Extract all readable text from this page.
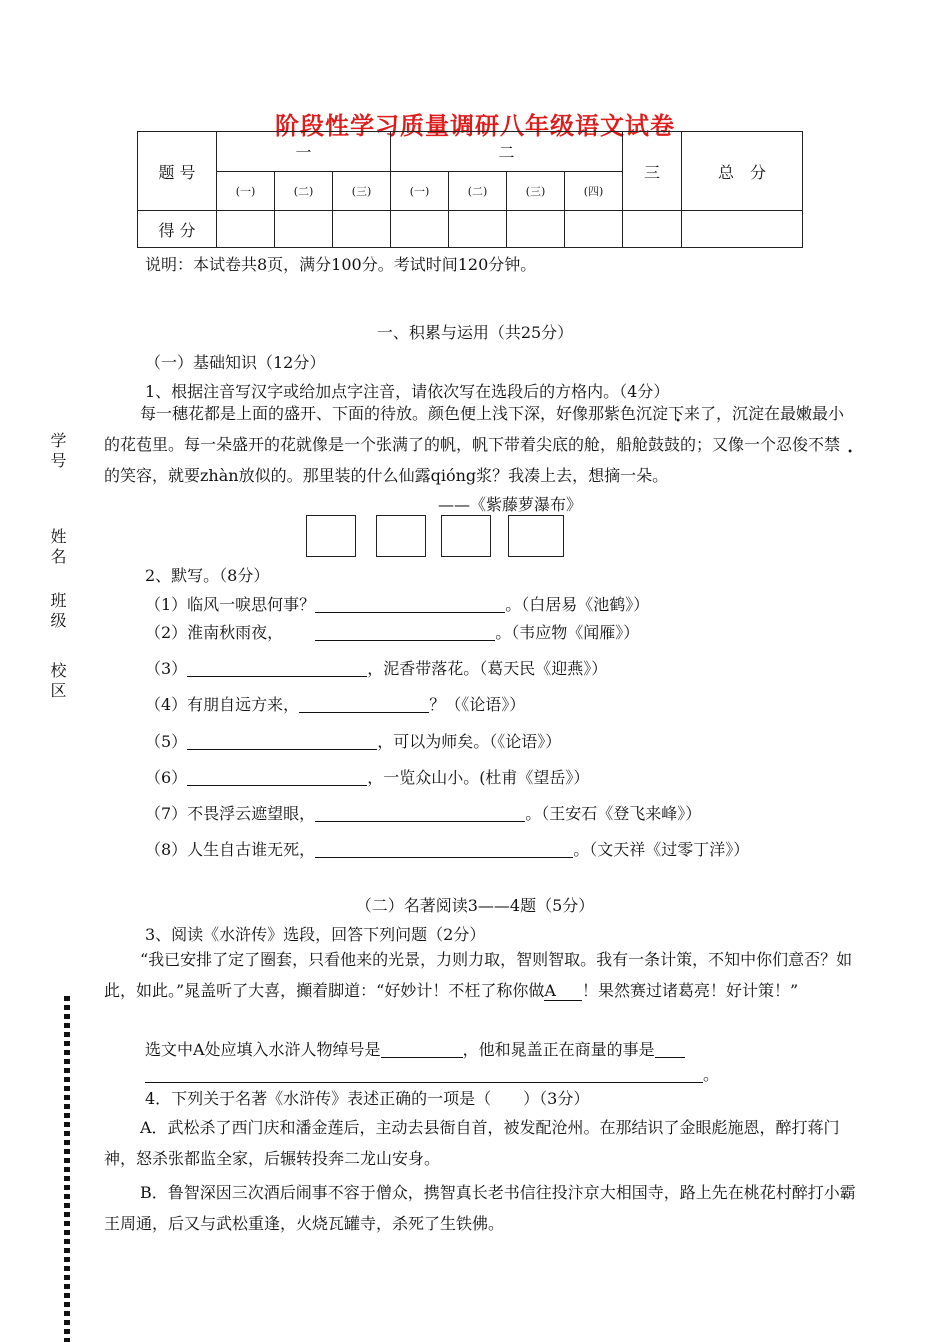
阶段性学习质量调研八年级语文试卷
题 号	一			二				三	总　分
	(一)	(二)	(三)	(一)	(二)	(三)	(四)		
得 分									
说明：本试卷共8页，满分100分。考试时间120分钟。
学号
姓名
班级
校区
一、积累与运用（共25分）
（一）基础知识（12分）
1、根据注音写汉字或给加点字注音，请依次写在选段后的方格内。（4分）
每一穗花都是上面的盛开、下面的待放。颜色便上浅下深，好像那紫色沉淀下来了，沉淀在最嫩最小的花苞里。每一朵盛开的花就像是一个张满了的帆，帆下带着尖底的舱，船舱鼓鼓的；又像一个忍俊不禁的笑容，就要zhàn放似的。那里装的什么仙露qióng浆？我凑上去，想摘一朵。
——《紫藤萝瀑布》
2、默写。（8分）
（1）临风一唳思何事？	。（白居易《池鹤》）
（2）淮南秋雨夜，	。（韦应物《闻雁》）
（3）	，泥香带落花。（葛天民《迎燕》）
（4）有朋自远方来，	？（《论语》）
（5）	，可以为师矣。（《论语》）
（6）	，一览众山小。(杜甫《望岳》）
（7）不畏浮云遮望眼，	。（王安石《登飞来峰》）
（8）人生自古谁无死，	。（文天祥《过零丁洋》）
（二）名著阅读3——4题（5分）
3、阅读《水浒传》选段，回答下列问题（2分）
“我已安排了定了圈套，只看他来的光景，力则力取，智则智取。我有一条计策，不知中你们意否？如此，如此。”晁盖听了大喜，攧着脚道：“好妙计！不枉了称你做A ！果然赛过诸葛亮！好计策！”
选文中A处应填入水浒人物绰号是	，他和晁盖正在商量的事是
。
4．下列关于名著《水浒传》表述正确的一项是（　　）（3分）
A．武松杀了西门庆和潘金莲后，主动去县衙自首，被发配沧州。在那结识了金眼彪施恩，醉打蒋门神，怒杀张都监全家，后辗转投奔二龙山安身。
B．鲁智深因三次酒后闹事不容于僧众，携智真长老书信往投汴京大相国寺，路上先在桃花村醉打小霸王周通，后又与武松重逢，火烧瓦罐寺，杀死了生铁佛。
